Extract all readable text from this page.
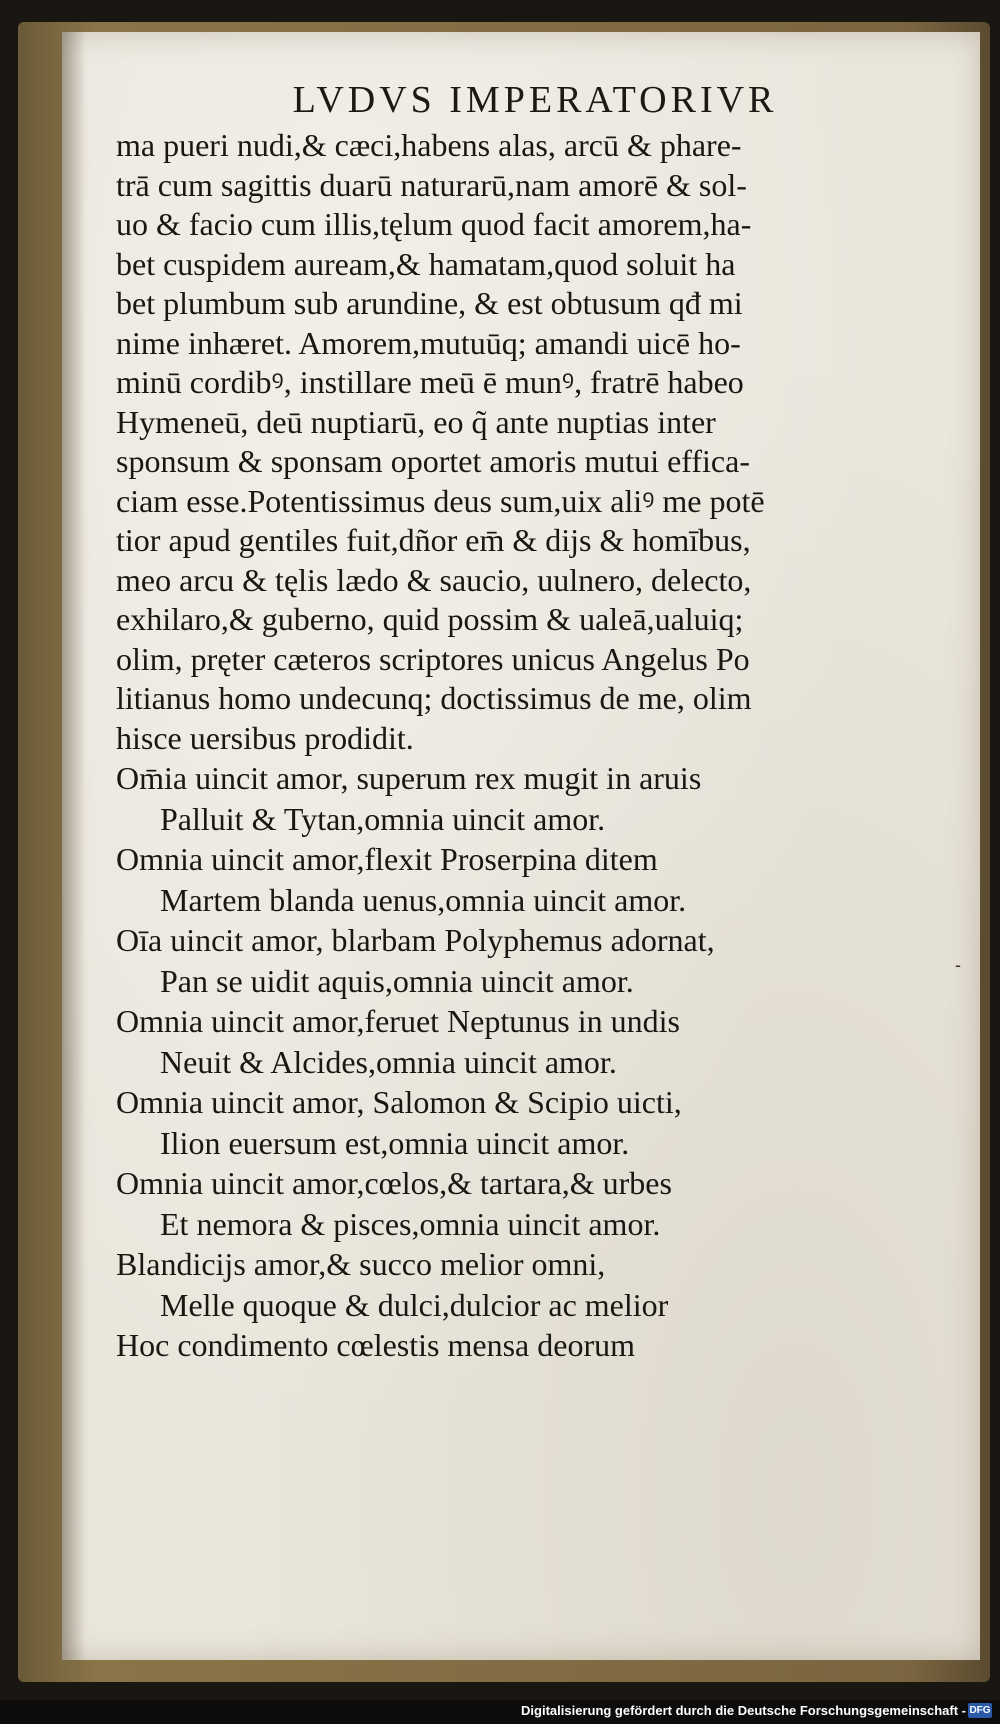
LVDVS IMPERATORIVR
ma pueri nudi,& cæci,habens alas, arcū & phare-
trā cum sagittis duarū naturarū,nam amorē & sol-
uo & facio cum illis,tęlum quod facit amorem,ha-
bet cuspidem auream,& hamatam,quod soluit ha
bet plumbum sub arundine, & est obtusum qđ mi
nime inhæret. Amorem,mutuūq; amandi uicē ho-
minū cordibꝰ, instillare meū ē munꝰ, fratrē habeo
Hymeneū, deū nuptiarū, eo q̃ ante nuptias inter
sponsum & sponsam oportet amoris mutui effica-
ciam esse.Potentissimus deus sum,uix aliꝰ me potē
tior apud gentiles fuit,dñor em̄ & dijs & homībus,
meo arcu & tęlis lædo & saucio, uulnero, delecto,
exhilaro,& guberno, quid possim & ualeā,ualuiq;
olim, pręter cæteros scriptores unicus Angelus Po
litianus homo undecunq; doctissimus de me, olim
hisce uersibus prodidit.
Om̄ia uincit amor, superum rex mugit in aruis
Palluit & Tytan,omnia uincit amor.
Omnia uincit amor,flexit Proserpina ditem
Martem blanda uenus,omnia uincit amor.
Oīa uincit amor, blarbam Polyphemus adornat,
Pan se uidit aquis,omnia uincit amor.
Omnia uincit amor,feruet Neptunus in undis
Neuit & Alcides,omnia uincit amor.
Omnia uincit amor, Salomon & Scipio uicti,
Ilion euersum est,omnia uincit amor.
Omnia uincit amor,cœlos,& tartara,& urbes
Et nemora & pisces,omnia uincit amor.
Blandicijs amor,& succo melior omni,
Melle quoque & dulci,dulcior ac melior
Hoc condimento cœlestis mensa deorum
-
Digitalisierung gefördert durch die Deutsche Forschungsgemeinschaft - DFG
